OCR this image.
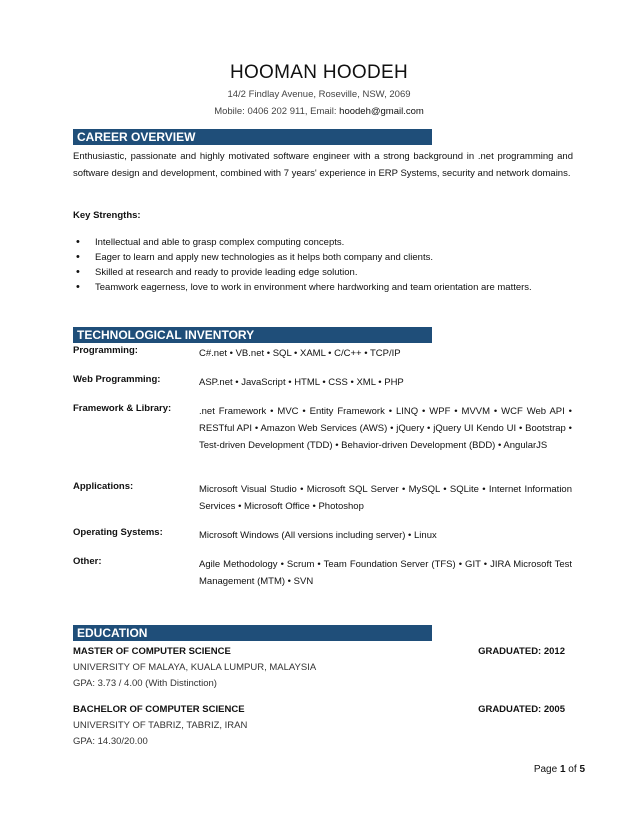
HOOMAN HOODEH
14/2 Findlay Avenue, Roseville, NSW, 2069
Mobile: 0406 202 911, Email: hoodeh@gmail.com
CAREER OVERVIEW
Enthusiastic, passionate and highly motivated software engineer with a strong background in .net programming and software design and development, combined with 7 years' experience in ERP Systems, security and network domains.
Key Strengths:
• Intellectual and able to grasp complex computing concepts.
• Eager to learn and apply new technologies as it helps both company and clients.
• Skilled at research and ready to provide leading edge solution.
• Teamwork eagerness, love to work in environment where hardworking and team orientation are matters.
TECHNOLOGICAL INVENTORY
Programming:	C#.net • VB.net • SQL • XAML • C/C++ • TCP/IP
Web Programming:	ASP.net • JavaScript • HTML • CSS • XML • PHP
Framework & Library:	.net Framework • MVC • Entity Framework • LINQ • WPF • MVVM • WCF Web API • RESTful API • Amazon Web Services (AWS) • jQuery • jQuery UI Kendo UI • Bootstrap • Test-driven Development (TDD) • Behavior-driven Development (BDD) • AngularJS
Applications:	Microsoft Visual Studio • Microsoft SQL Server • MySQL • SQLite • Internet Information Services • Microsoft Office • Photoshop
Operating Systems:	Microsoft Windows (All versions including server) • Linux
Other:	Agile Methodology • Scrum • Team Foundation Server (TFS) • GIT • JIRA Microsoft Test Management (MTM) • SVN
EDUCATION
MASTER OF COMPUTER SCIENCE	GRADUATED: 2012
UNIVERSITY OF MALAYA, KUALA LUMPUR, MALAYSIA
GPA: 3.73 / 4.00 (With Distinction)
BACHELOR OF COMPUTER SCIENCE	GRADUATED: 2005
UNIVERSITY OF TABRIZ, TABRIZ, IRAN
GPA: 14.30/20.00
Page 1 of 5
